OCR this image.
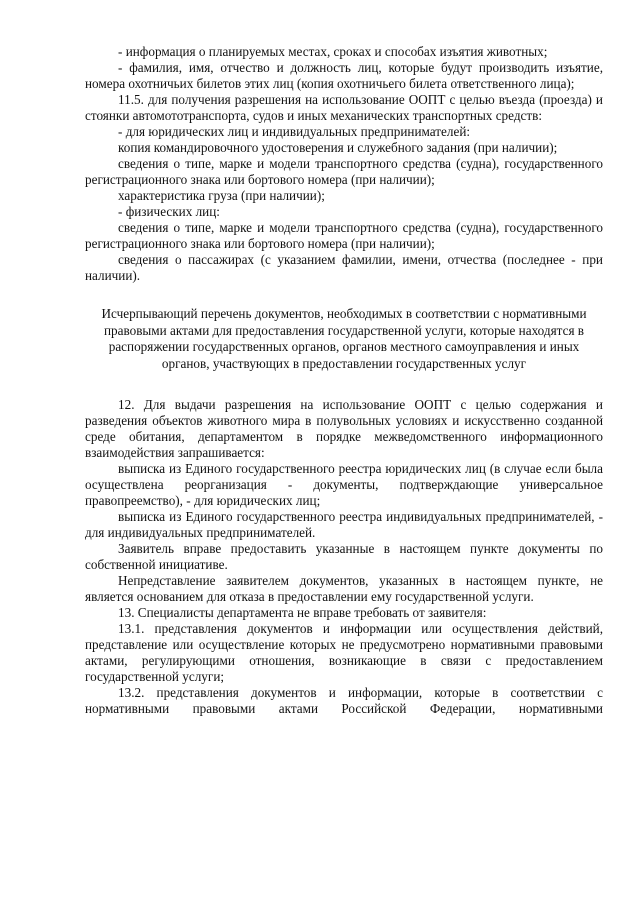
- информация о планируемых местах, сроках и способах изъятия животных;

- фамилия, имя, отчество и должность лиц, которые будут производить изъятие, номера охотничьих билетов этих лиц (копия охотничьего билета ответственного лица);

11.5. для получения разрешения на использование ООПТ с целью въезда (проезда) и стоянки автомототранспорта, судов и иных механических транспортных средств:

- для юридических лиц и индивидуальных предпринимателей:

копия командировочного удостоверения и служебного задания (при наличии);

сведения о типе, марке и модели транспортного средства (судна), государственного регистрационного знака или бортового номера (при наличии);

характеристика груза (при наличии);

- физических лиц:

сведения о типе, марке и модели транспортного средства (судна), государственного регистрационного знака или бортового номера (при наличии);

сведения о пассажирах (с указанием фамилии, имени, отчества (последнее - при наличии).

Исчерпывающий перечень документов, необходимых в соответствии с нормативными правовыми актами для предоставления государственной услуги, которые находятся в распоряжении государственных органов, органов местного самоуправления и иных органов, участвующих в предоставлении государственных услуг

12. Для выдачи разрешения на использование ООПТ с целью содержания и разведения объектов животного мира в полувольных условиях и искусственно созданной среде обитания, департаментом в порядке межведомственного информационного взаимодействия запрашивается:

выписка из Единого государственного реестра юридических лиц (в случае если была осуществлена реорганизация - документы, подтверждающие универсальное правопреемство), - для юридических лиц;

выписка из Единого государственного реестра индивидуальных предпринимателей, - для индивидуальных предпринимателей.

Заявитель вправе предоставить указанные в настоящем пункте документы по собственной инициативе.

Непредставление заявителем документов, указанных в настоящем пункте, не является основанием для отказа в предоставлении ему государственной услуги.

13. Специалисты департамента не вправе требовать от заявителя:

13.1. представления документов и информации или осуществления действий, представление или осуществление которых не предусмотрено нормативными правовыми актами, регулирующими отношения, возникающие в связи с предоставлением государственной услуги;

13.2. представления документов и информации, которые в соответствии с нормативными правовыми актами Российской Федерации, нормативными
